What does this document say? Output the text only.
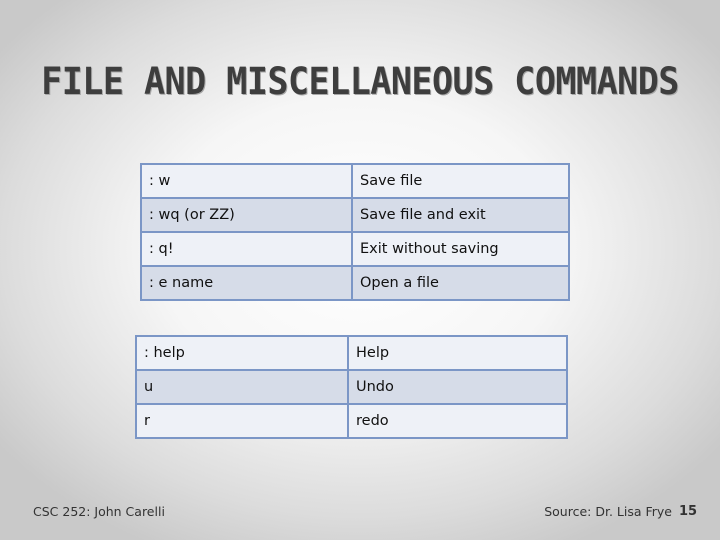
FILE AND MISCELLANEOUS COMMANDS
: w	Save file
: wq (or ZZ)	Save file and exit
: q!	Exit without saving
: e name	Open a file
: help	Help
u	Undo
r	redo
CSC 252: John Carelli	Source: Dr. Lisa Frye 15
